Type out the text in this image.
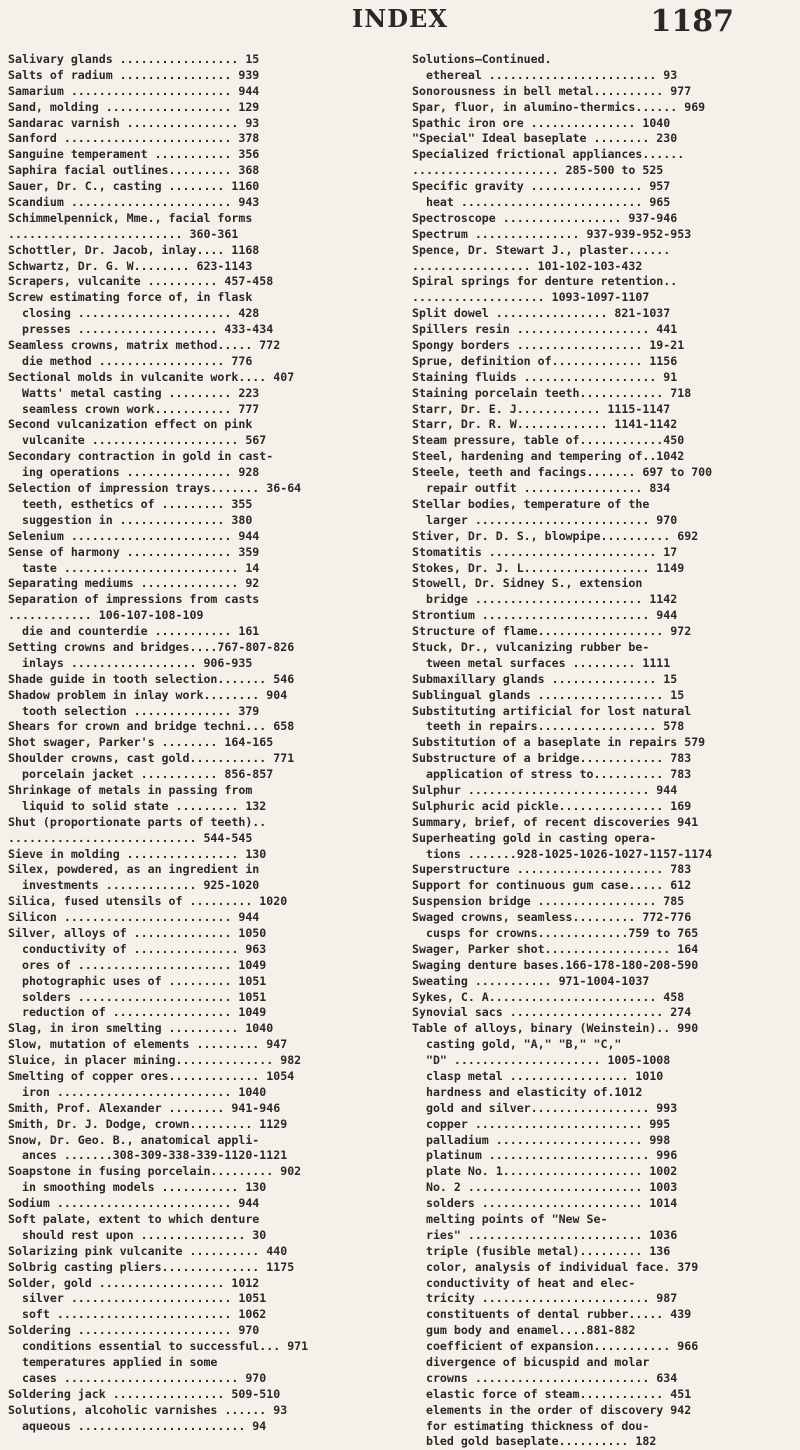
INDEX	1187
Salivary glands ................. 15
Salts of radium ................ 939
Samarium ....................... 944
Sand, molding .................. 129
Sandarac varnish ................ 93
Sanford ........................ 378
Sanguine temperament ........... 356
Saphira facial outlines......... 368
Sauer, Dr. C., casting ........ 1160
Scandium ....................... 943
Schimmelpennick, Mme., facial forms
......................... 360-361
Schottler, Dr. Jacob, inlay.... 1168
Schwartz, Dr. G. W........ 623-1143
Scrapers, vulcanite .......... 457-458
Screw estimating force of, in flask
closing ...................... 428
presses .................... 433-434
Seamless crowns, matrix method..... 772
die method .................. 776
Sectional molds in vulcanite work.... 407
Watts' metal casting ......... 223
seamless crown work........... 777
Second vulcanization effect on pink
vulcanite ..................... 567
Secondary contraction in gold in cast-
ing operations ............... 928
Selection of impression trays....... 36-64
teeth, esthetics of ......... 355
suggestion in ............... 380
Selenium ....................... 944
Sense of harmony ............... 359
taste ......................... 14
Separating mediums .............. 92
Separation of impressions from casts
............ 106-107-108-109
die and counterdie ........... 161
Setting crowns and bridges....767-807-826
inlays .................. 906-935
Shade guide in tooth selection....... 546
Shadow problem in inlay work........ 904
tooth selection .............. 379
Shears for crown and bridge techni... 658
Shot swager, Parker's ........ 164-165
Shoulder crowns, cast gold........... 771
porcelain jacket ........... 856-857
Shrinkage of metals in passing from
liquid to solid state ......... 132
Shut (proportionate parts of teeth)..
........................... 544-545
Sieve in molding ................ 130
Silex, powdered, as an ingredient in
investments ............. 925-1020
Silica, fused utensils of ......... 1020
Silicon ........................ 944
Silver, alloys of .............. 1050
conductivity of ............... 963
ores of ...................... 1049
photographic uses of ......... 1051
solders ...................... 1051
reduction of ................. 1049
Slag, in iron smelting .......... 1040
Slow, mutation of elements ......... 947
Sluice, in placer mining.............. 982
Smelting of copper ores............. 1054
iron ......................... 1040
Smith, Prof. Alexander ........ 941-946
Smith, Dr. J. Dodge, crown......... 1129
Snow, Dr. Geo. B., anatomical appli-
ances .......308-309-338-339-1120-1121
Soapstone in fusing porcelain......... 902
in smoothing models ........... 130
Sodium ......................... 944
Soft palate, extent to which denture
should rest upon ............... 30
Solarizing pink vulcanite .......... 440
Solbrig casting pliers.............. 1175
Solder, gold .................. 1012
silver ....................... 1051
soft ......................... 1062
Soldering ...................... 970
conditions essential to successful... 971
temperatures applied in some
cases ......................... 970
Soldering jack ................ 509-510
Solutions, alcoholic varnishes ...... 93
aqueous ........................ 94
Solutions—Continued.
ethereal ........................ 93
Sonorousness in bell metal.......... 977
Spar, fluor, in alumino-thermics...... 969
Spathic iron ore ............... 1040
"Special" Ideal baseplate ........ 230
Specialized frictional appliances......
..................... 285-500 to 525
Specific gravity ................ 957
heat .......................... 965
Spectroscope ................. 937-946
Spectrum ............... 937-939-952-953
Spence, Dr. Stewart J., plaster......
................. 101-102-103-432
Spiral springs for denture retention..
................... 1093-1097-1107
Split dowel ................ 821-1037
Spillers resin ................... 441
Spongy borders .................. 19-21
Sprue, definition of............. 1156
Staining fluids ................... 91
Staining porcelain teeth............ 718
Starr, Dr. E. J............ 1115-1147
Starr, Dr. R. W............. 1141-1142
Steam pressure, table of............450
Steel, hardening and tempering of..1042
Steele, teeth and facings....... 697 to 700
repair outfit ................. 834
Stellar bodies, temperature of the
larger ......................... 970
Stiver, Dr. D. S., blowpipe.......... 692
Stomatitis ........................ 17
Stokes, Dr. J. L.................. 1149
Stowell, Dr. Sidney S., extension
bridge ........................ 1142
Strontium ........................ 944
Structure of flame.................. 972
Stuck, Dr., vulcanizing rubber be-
tween metal surfaces ......... 1111
Submaxillary glands ............... 15
Sublingual glands .................. 15
Substituting artificial for lost natural
teeth in repairs................. 578
Substitution of a baseplate in repairs 579
Substructure of a bridge............ 783
application of stress to.......... 783
Sulphur .......................... 944
Sulphuric acid pickle............... 169
Summary, brief, of recent discoveries 941
Superheating gold in casting opera-
tions .......928-1025-1026-1027-1157-1174
Superstructure ..................... 783
Support for continuous gum case..... 612
Suspension bridge ................. 785
Swaged crowns, seamless......... 772-776
cusps for crowns.............759 to 765
Swager, Parker shot.................. 164
Swaging denture bases.166-178-180-208-590
Sweating ........... 971-1004-1037
Sykes, C. A........................ 458
Synovial sacs ...................... 274
Table of alloys, binary (Weinstein).. 990
casting gold, "A," "B," "C,"
"D" ..................... 1005-1008
clasp metal ................. 1010
hardness and elasticity of.1012
gold and silver................. 993
copper ........................ 995
palladium ..................... 998
platinum ....................... 996
plate No. 1.................... 1002
No. 2 ......................... 1003
solders ....................... 1014
melting points of "New Se-
ries" ......................... 1036
triple (fusible metal)......... 136
color, analysis of individual face. 379
conductivity of heat and elec-
tricity ........................ 987
constituents of dental rubber..... 439
gum body and enamel....881-882
coefficient of expansion........... 966
divergence of bicuspid and molar
crowns ......................... 634
elastic force of steam............ 451
elements in the order of discovery 942
for estimating thickness of dou-
bled gold baseplate.......... 182
